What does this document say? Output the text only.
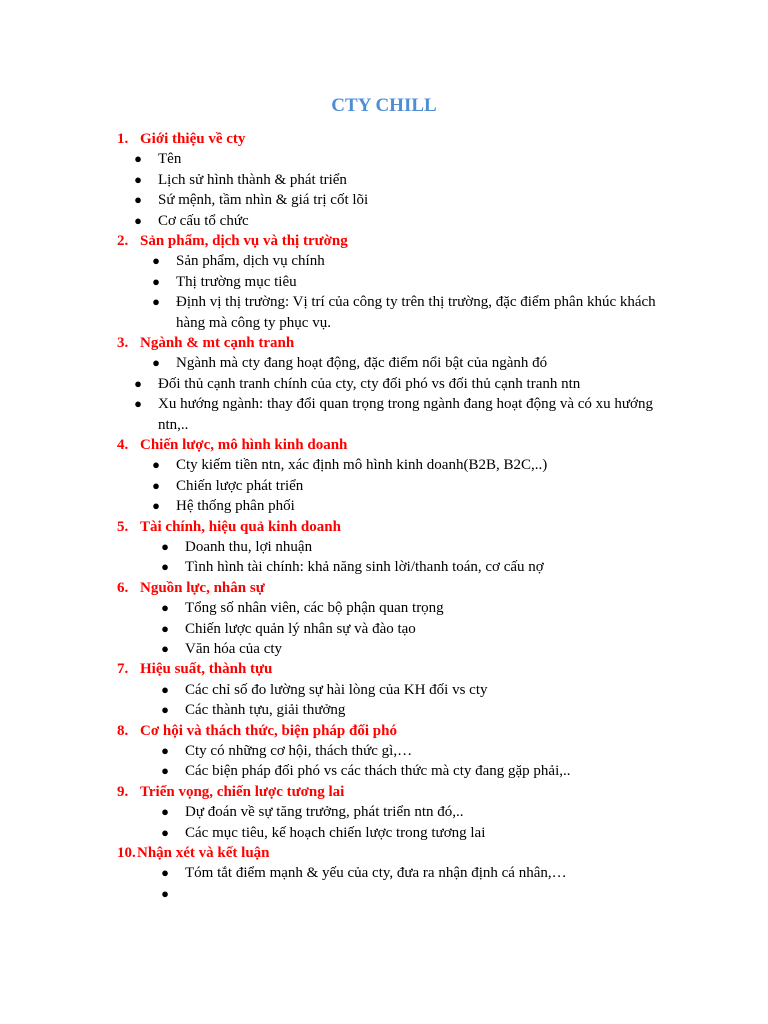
CTY CHILL
1. Giới thiệu về cty
● Tên
● Lịch sử hình thành & phát triển
● Sứ mệnh, tầm nhìn & giá trị cốt lõi
● Cơ cấu tổ chức
2. Sản phẩm, dịch vụ và thị trường
● Sản phẩm, dịch vụ chính
● Thị trường mục tiêu
● Định vị thị trường: Vị trí của công ty trên thị trường, đặc điểm phân khúc khách hàng mà công ty phục vụ.
3. Ngành & mt cạnh tranh
● Ngành mà cty đang hoạt động, đặc điểm nổi bật của ngành đó
● Đối thủ cạnh tranh chính của cty, cty đối phó vs đối thủ cạnh tranh ntn
● Xu hướng ngành: thay đổi quan trọng trong ngành đang hoạt động và có xu hướng ntn,..
4. Chiến lược, mô hình kinh doanh
● Cty kiếm tiền ntn, xác định mô hình kinh doanh(B2B, B2C,..)
● Chiến lược phát triển
● Hệ thống phân phối
5. Tài chính, hiệu quả kinh doanh
● Doanh thu, lợi nhuận
● Tình hình tài chính: khả năng sinh lời/thanh toán, cơ cấu nợ
6. Nguồn lực, nhân sự
● Tổng số nhân viên, các bộ phận quan trọng
● Chiến lược quản lý nhân sự và đào tạo
● Văn hóa của cty
7. Hiệu suất, thành tựu
● Các chỉ số đo lường sự hài lòng của KH đối vs cty
● Các thành tựu, giải thưởng
8. Cơ hội và thách thức, biện pháp đối phó
● Cty có những cơ hội, thách thức gì,…
● Các biện pháp đối phó vs các thách thức mà cty đang gặp phải,..
9. Triển vọng, chiến lược tương lai
● Dự đoán về sự tăng trưởng, phát triển ntn đó,..
● Các mục tiêu, kế hoạch chiến lược trong tương lai
10. Nhận xét và kết luận
● Tóm tắt điểm mạnh & yếu của cty, đưa ra nhận định cá nhân,…
●
